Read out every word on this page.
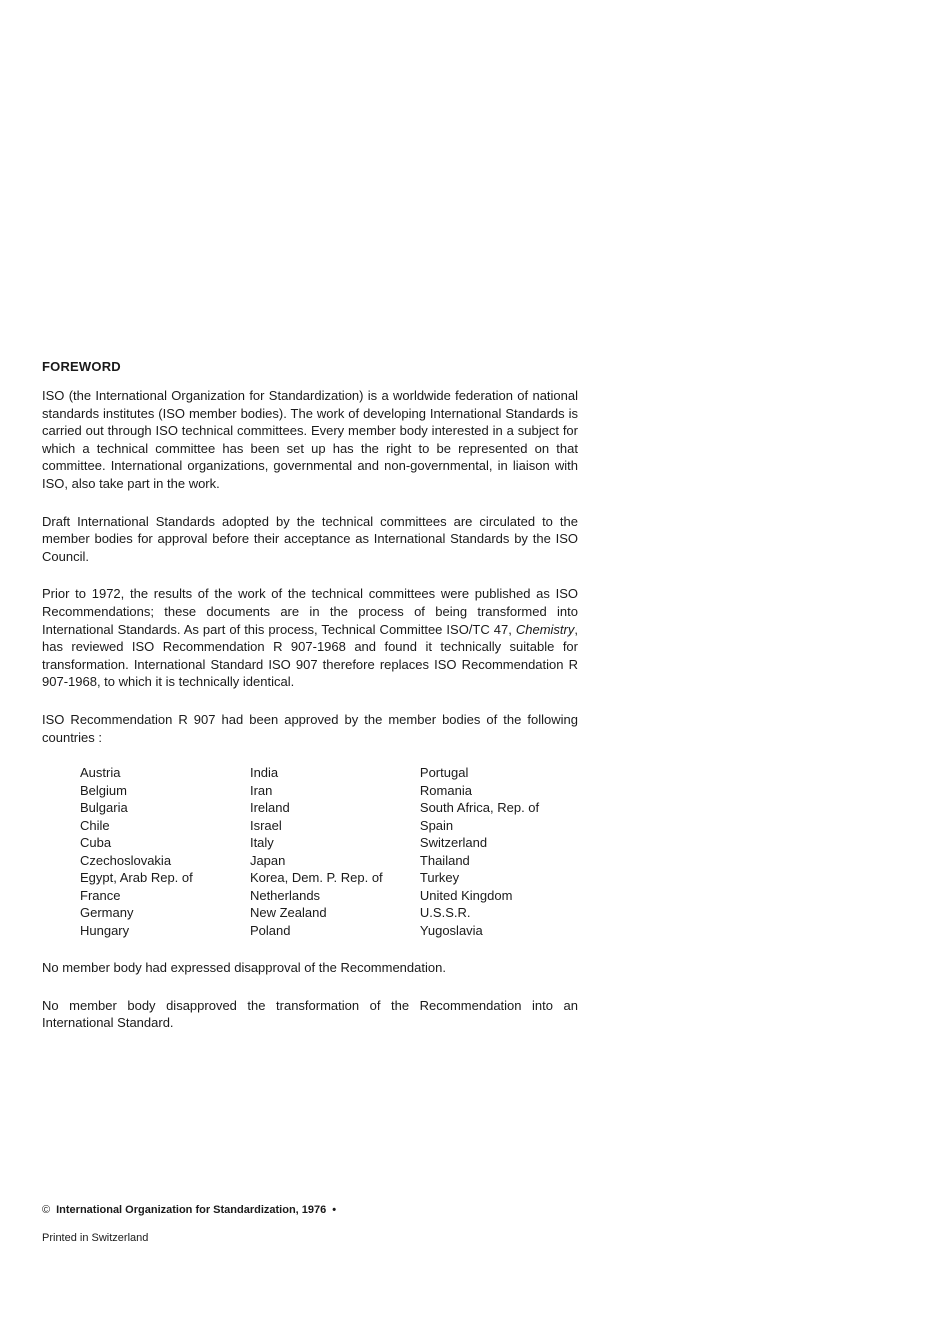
FOREWORD

ISO (the International Organization for Standardization) is a worldwide federation of national standards institutes (ISO member bodies). The work of developing International Standards is carried out through ISO technical committees. Every member body interested in a subject for which a technical committee has been set up has the right to be represented on that committee. International organizations, governmental and non-governmental, in liaison with ISO, also take part in the work.

Draft International Standards adopted by the technical committees are circulated to the member bodies for approval before their acceptance as International Standards by the ISO Council.

Prior to 1972, the results of the work of the technical committees were published as ISO Recommendations; these documents are in the process of being transformed into International Standards. As part of this process, Technical Committee ISO/TC 47, Chemistry, has reviewed ISO Recommendation R 907-1968 and found it technically suitable for transformation. International Standard ISO 907 therefore replaces ISO Recommendation R 907-1968, to which it is technically identical.

ISO Recommendation R 907 had been approved by the member bodies of the following countries :

Austria
Belgium
Bulgaria
Chile
Cuba
Czechoslovakia
Egypt, Arab Rep. of
France
Germany
Hungary
India
Iran
Ireland
Israel
Italy
Japan
Korea, Dem. P. Rep. of
Netherlands
New Zealand
Poland
Portugal
Romania
South Africa, Rep. of
Spain
Switzerland
Thailand
Turkey
United Kingdom
U.S.S.R.
Yugoslavia

No member body had expressed disapproval of the Recommendation.

No member body disapproved the transformation of the Recommendation into an International Standard.

© International Organization for Standardization, 1976 •
Printed in Switzerland
